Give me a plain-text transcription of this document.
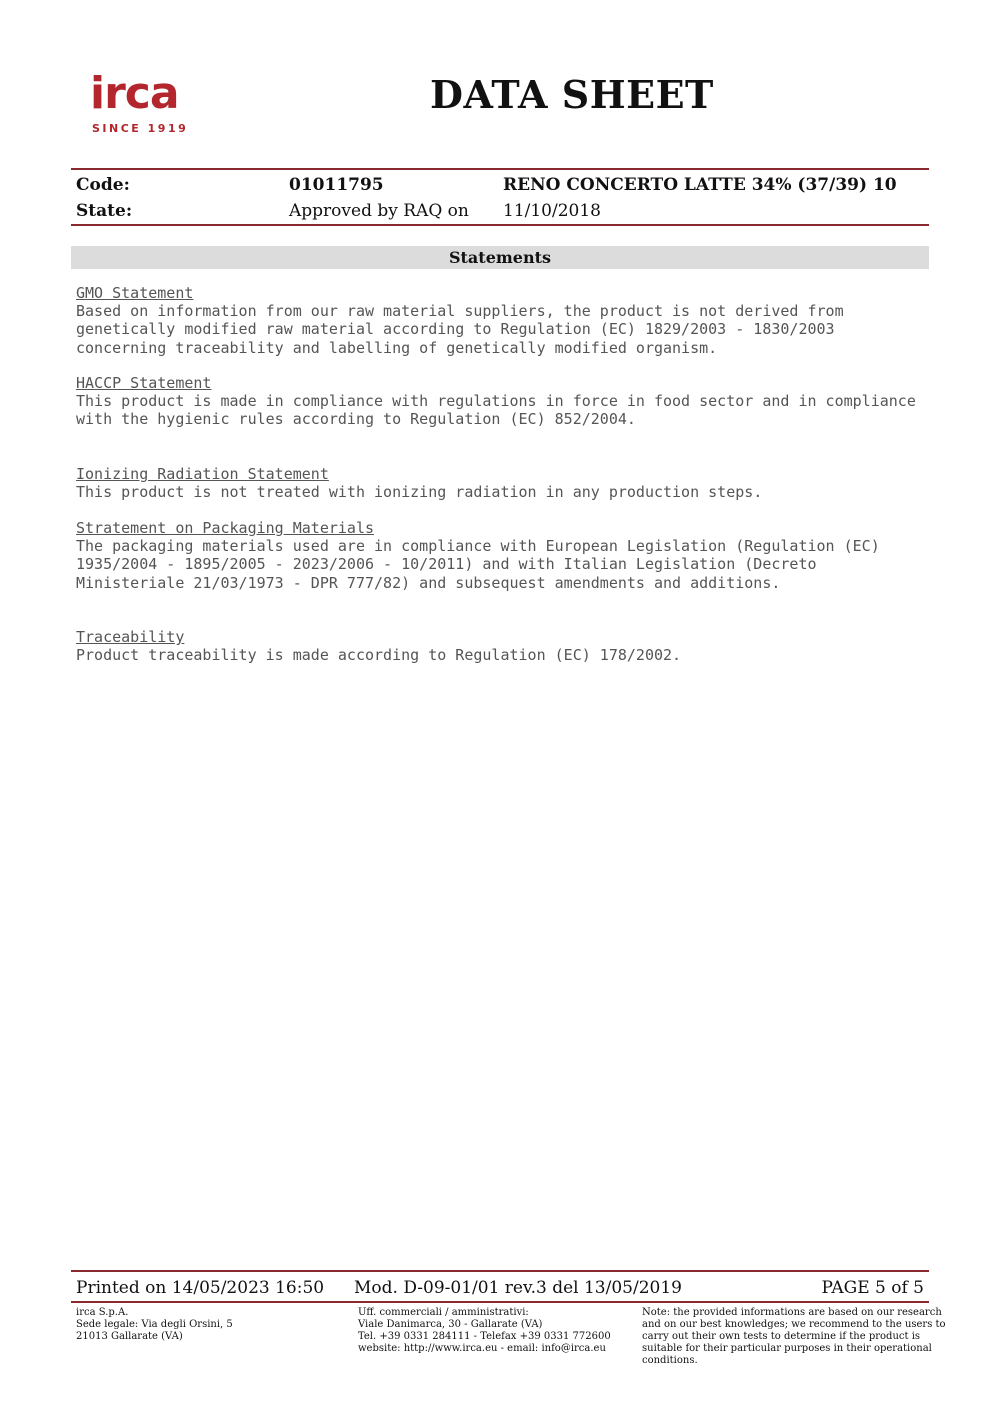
irca
SINCE 1919
DATA SHEET
Code:	01011795	RENO CONCERTO LATTE 34% (37/39) 10
State:	Approved by RAQ on 11/10/2018
Statements
GMO Statement
Based on information from our raw material suppliers, the product is not derived from
genetically modified raw material according to Regulation (EC) 1829/2003 - 1830/2003
concerning traceability and labelling of genetically modified organism.
HACCP Statement
This product is made in compliance with regulations in force in food sector and in compliance
with the hygienic rules according to Regulation (EC) 852/2004.
Ionizing Radiation Statement
This product is not treated with ionizing radiation in any production steps.
Stratement on Packaging Materials
The packaging materials used are in compliance with European Legislation (Regulation (EC)
1935/2004 - 1895/2005 - 2023/2006 - 10/2011) and with Italian Legislation (Decreto
Ministeriale 21/03/1973 - DPR 777/82) and subsequest amendments and additions.
Traceability
Product traceability is made according to Regulation (EC) 178/2002.
Printed on 14/05/2023 16:50 Mod. D-09-01/01 rev.3 del 13/05/2019	PAGE 5 of 5
irca S.p.A.
Sede legale: Via degli Orsini, 5
21013 Gallarate (VA)
Uff. commerciali / amministrativi:
Viale Danimarca, 30 - Gallarate (VA)
Tel. +39 0331 284111 - Telefax +39 0331 772600
website: http://www.irca.eu - email: info@irca.eu
Note: the provided informations are based on our research
and on our best knowledges; we recommend to the users to
carry out their own tests to determine if the product is
suitable for their particular purposes in their operational
conditions.
